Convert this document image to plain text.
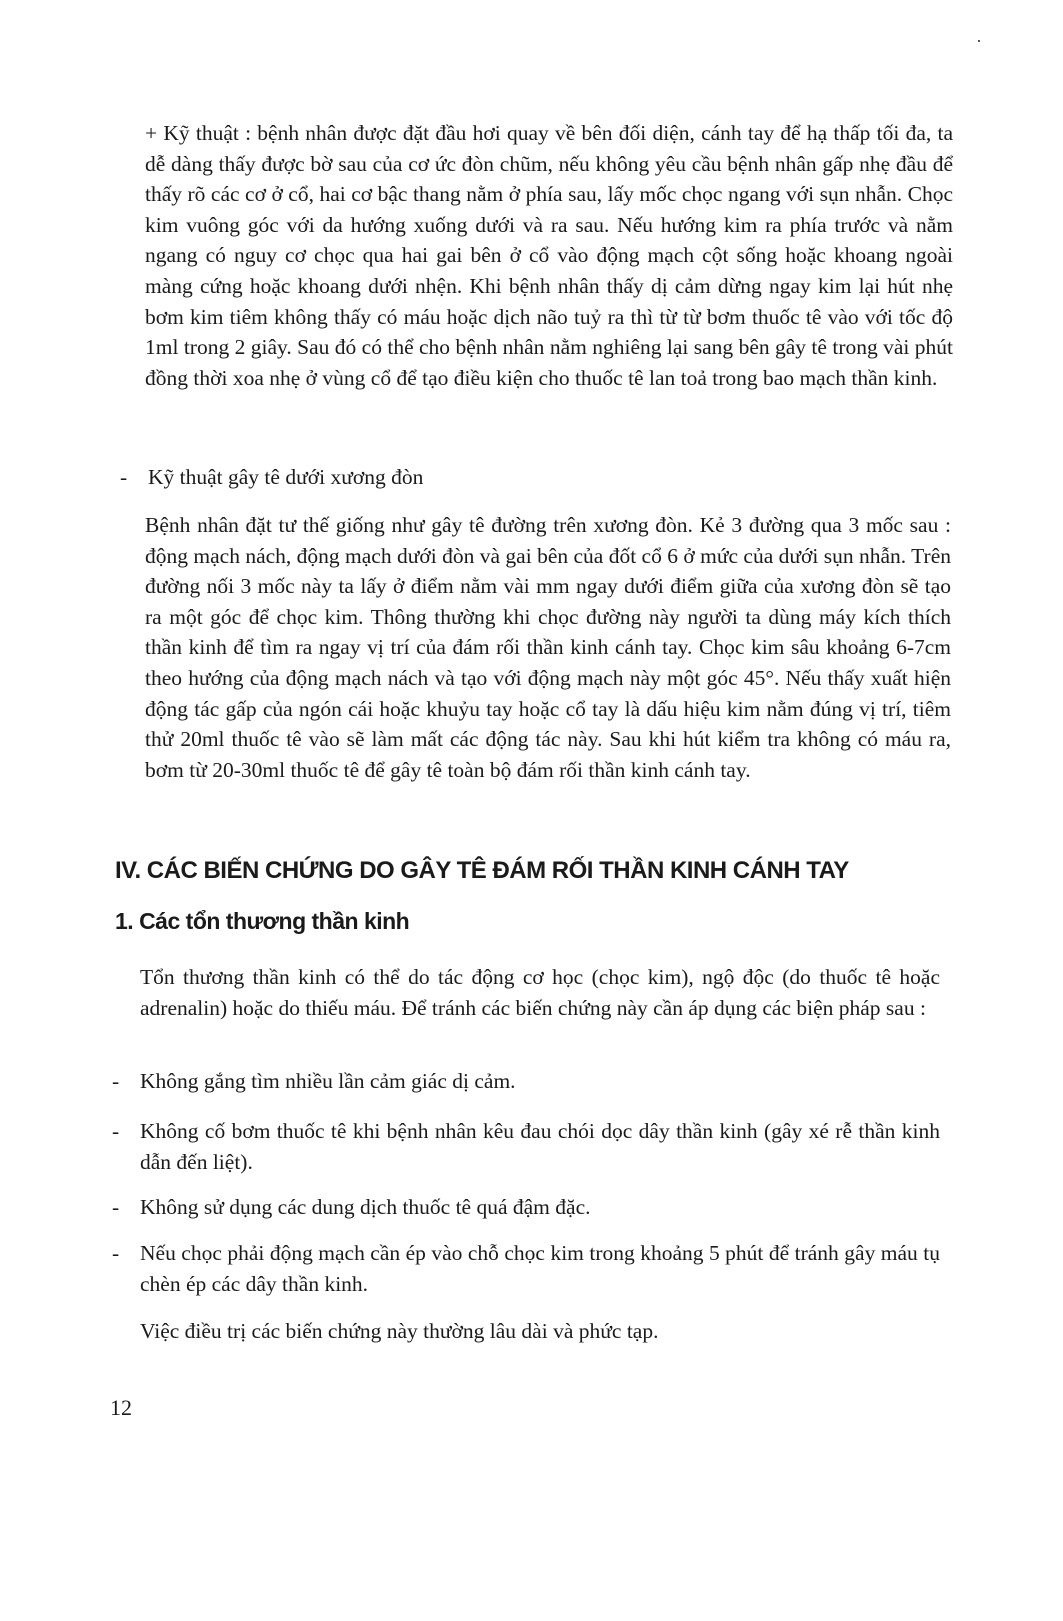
+ Kỹ thuật : bệnh nhân được đặt đầu hơi quay về bên đối diện, cánh tay để hạ thấp tối đa, ta dễ dàng thấy được bờ sau của cơ ức đòn chũm, nếu không yêu cầu bệnh nhân gấp nhẹ đầu để thấy rõ các cơ ở cổ, hai cơ bậc thang nằm ở phía sau, lấy mốc chọc ngang với sụn nhẫn. Chọc kim vuông góc với da hướng xuống dưới và ra sau. Nếu hướng kim ra phía trước và nằm ngang có nguy cơ chọc qua hai gai bên ở cổ vào động mạch cột sống hoặc khoang ngoài màng cứng hoặc khoang dưới nhện. Khi bệnh nhân thấy dị cảm dừng ngay kim lại hút nhẹ bơm kim tiêm không thấy có máu hoặc dịch não tuỷ ra thì từ từ bơm thuốc tê vào với tốc độ 1ml trong 2 giây. Sau đó có thể cho bệnh nhân nằm nghiêng lại sang bên gây tê trong vài phút đồng thời xoa nhẹ ở vùng cổ để tạo điều kiện cho thuốc tê lan toả trong bao mạch thần kinh.

- Kỹ thuật gây tê dưới xương đòn

Bệnh nhân đặt tư thế giống như gây tê đường trên xương đòn. Kẻ 3 đường qua 3 mốc sau : động mạch nách, động mạch dưới đòn và gai bên của đốt cổ 6 ở mức của dưới sụn nhẫn. Trên đường nối 3 mốc này ta lấy ở điểm nằm vài mm ngay dưới điểm giữa của xương đòn sẽ tạo ra một góc để chọc kim. Thông thường khi chọc đường này người ta dùng máy kích thích thần kinh để tìm ra ngay vị trí của đám rối thần kinh cánh tay. Chọc kim sâu khoảng 6-7cm theo hướng của động mạch nách và tạo với động mạch này một góc 45°. Nếu thấy xuất hiện động tác gấp của ngón cái hoặc khuỷu tay hoặc cổ tay là dấu hiệu kim nằm đúng vị trí, tiêm thử 20ml thuốc tê vào sẽ làm mất các động tác này. Sau khi hút kiểm tra không có máu ra, bơm từ 20-30ml thuốc tê để gây tê toàn bộ đám rối thần kinh cánh tay.

IV. CÁC BIẾN CHỨNG DO GÂY TÊ ĐÁM RỐI THẦN KINH CÁNH TAY
1. Các tổn thương thần kinh

Tổn thương thần kinh có thể do tác động cơ học (chọc kim), ngộ độc (do thuốc tê hoặc adrenalin) hoặc do thiếu máu. Để tránh các biến chứng này cần áp dụng các biện pháp sau :

- Không gắng tìm nhiều lần cảm giác dị cảm.

- Không cố bơm thuốc tê khi bệnh nhân kêu đau chói dọc dây thần kinh (gây xé rễ thần kinh dẫn đến liệt).

- Không sử dụng các dung dịch thuốc tê quá đậm đặc.

- Nếu chọc phải động mạch cần ép vào chỗ chọc kim trong khoảng 5 phút để tránh gây máu tụ chèn ép các dây thần kinh.

Việc điều trị các biến chứng này thường lâu dài và phức tạp.

12
